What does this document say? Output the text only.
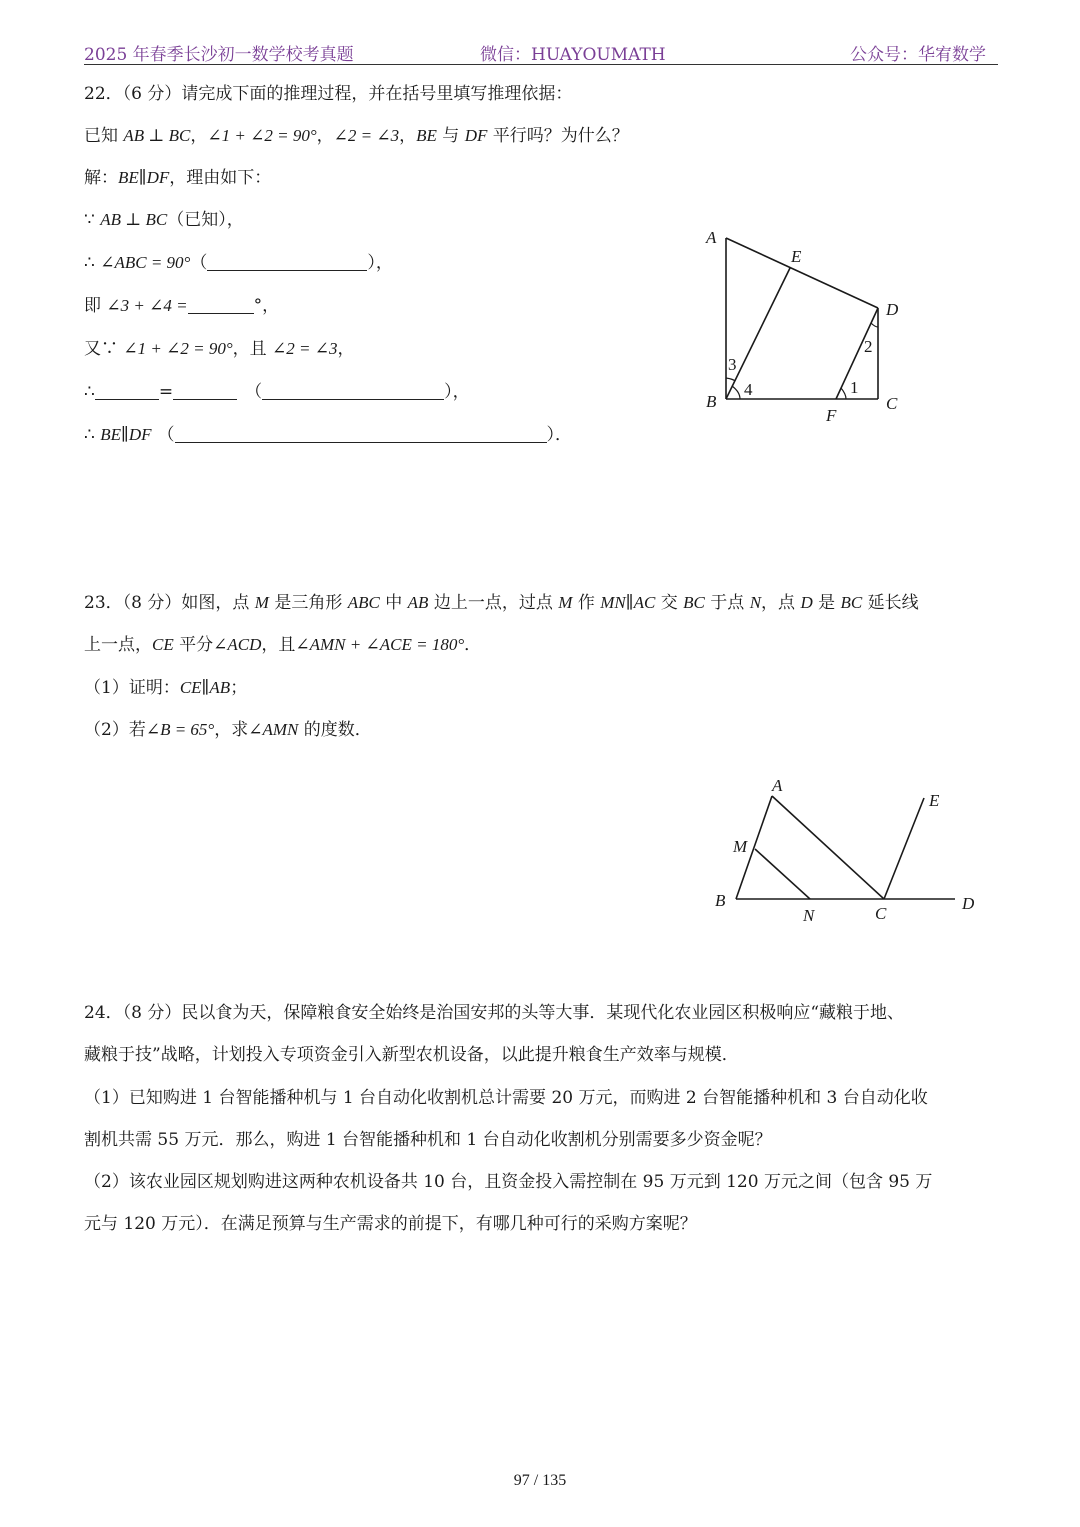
2025 年春季长沙初一数学校考真题	微信：HUAYOUMATH	公众号：华宥数学
22．（6 分）请完成下面的推理过程，并在括号里填写推理依据：
已知 AB ⊥ BC，∠1 + ∠2 = 90°，∠2 = ∠3，BE 与 DF 平行吗？为什么？
解：BE∥DF，理由如下：
∵ AB ⊥ BC（已知），
∴ ∠ABC = 90°（	），
即 ∠3 + ∠4 =	°，
又∵ ∠1 + ∠2 = 90°，且 ∠2 = ∠3，
∴	=	（	），
∴ BE∥DF （	）．
A
E
D
B
F
C
1
2
3
4
23．（8 分）如图，点 M 是三角形 ABC 中 AB 边上一点，过点 M 作 MN∥AC 交 BC 于点 N，点 D 是 BC 延长线
上一点，CE 平分∠ACD，且∠AMN + ∠ACE = 180°．
（1）证明：CE∥AB；
（2）若∠B = 65°，求∠AMN 的度数．
A
E
M
B
N	C
D
24．（8 分）民以食为天，保障粮食安全始终是治国安邦的头等大事．某现代化农业园区积极响应“藏粮于地、
藏粮于技”战略，计划投入专项资金引入新型农机设备，以此提升粮食生产效率与规模．
（1）已知购进 1 台智能播种机与 1 台自动化收割机总计需要 20 万元，而购进 2 台智能播种机和 3 台自动化收
割机共需 55 万元．那么，购进 1 台智能播种机和 1 台自动化收割机分别需要多少资金呢？
（2）该农业园区规划购进这两种农机设备共 10 台，且资金投入需控制在 95 万元到 120 万元之间（包含 95 万
元与 120 万元）．在满足预算与生产需求的前提下，有哪几种可行的采购方案呢？
97 / 135
